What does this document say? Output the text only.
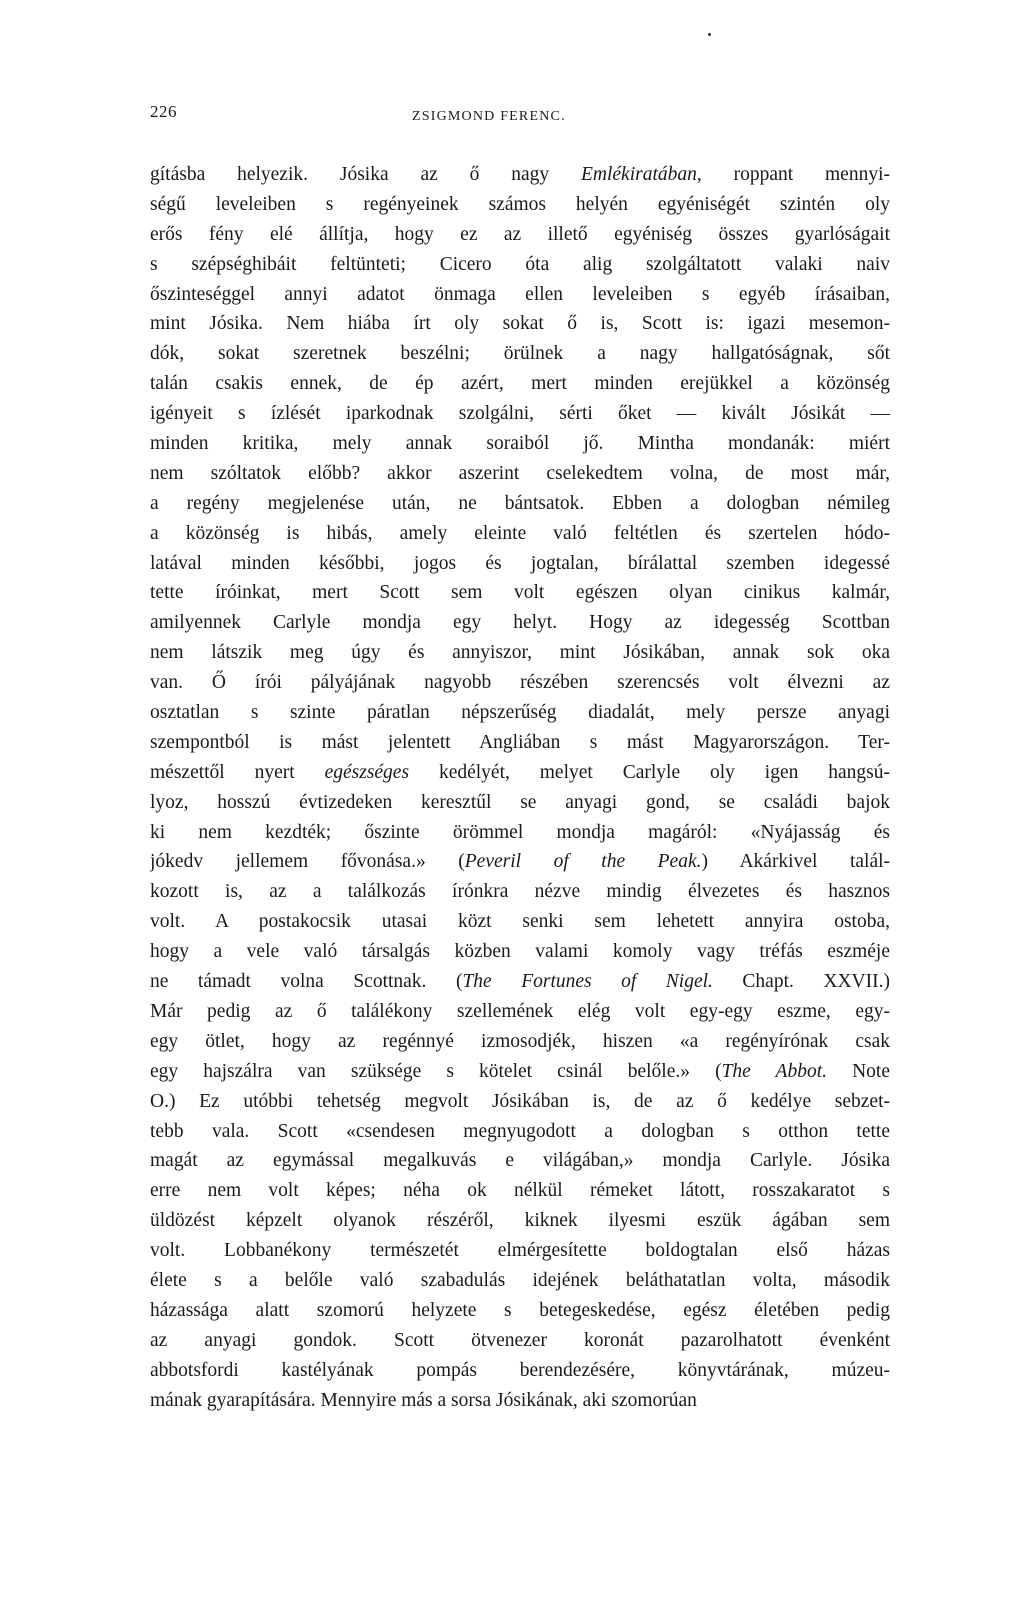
226	ZSIGMOND FERENC.
gításba helyezik. Jósika az ő nagy Emlékiratában, roppant mennyi-
ségű leveleiben s regényeinek számos helyén egyéniségét szintén oly
erős fény elé állítja, hogy ez az illető egyéniség összes gyarlóságait
s szépséghibáit feltünteti; Cicero óta alig szolgáltatott valaki naiv
őszinteséggel annyi adatot önmaga ellen leveleiben s egyéb írásaiban,
mint Jósika. Nem hiába írt oly sokat ő is, Scott is: igazi mesemon-
dók, sokat szeretnek beszélni; örülnek a nagy hallgatóságnak, sőt
talán csakis ennek, de ép azért, mert minden erejükkel a közönség
igényeit s ízlését iparkodnak szolgálni, sérti őket — kivált Jósikát —
minden kritika, mely annak soraiból jő. Mintha mondanák: miért
nem szóltatok előbb? akkor aszerint cselekedtem volna, de most már,
a regény megjelenése után, ne bántsatok. Ebben a dologban némileg
a közönség is hibás, amely eleinte való feltétlen és szertelen hódo-
latával minden későbbi, jogos és jogtalan, bírálattal szemben idegessé
tette íróinkat, mert Scott sem volt egészen olyan cinikus kalmár,
amilyennek Carlyle mondja egy helyt. Hogy az idegesség Scottban
nem látszik meg úgy és annyiszor, mint Jósikában, annak sok oka
van. Ő írói pályájának nagyobb részében szerencsés volt élvezni az
osztatlan s szinte páratlan népszerűség diadalát, mely persze anyagi
szempontból is mást jelentett Angliában s mást Magyarországon. Ter-
mészettől nyert egészséges kedélyét, melyet Carlyle oly igen hangsú-
lyoz, hosszú évtizedeken keresztűl se anyagi gond, se családi bajok
ki nem kezdték; őszinte örömmel mondja magáról: «Nyájasság és
jókedv jellemem fővonása.» (Peveril of the Peak.) Akárkivel talál-
kozott is, az a találkozás írónkra nézve mindig élvezetes és hasznos
volt. A postakocsik utasai közt senki sem lehetett annyira ostoba,
hogy a vele való társalgás közben valami komoly vagy tréfás eszméje
ne támadt volna Scottnak. (The Fortunes of Nigel. Chapt. XXVII.)
Már pedig az ő találékony szellemének elég volt egy-egy eszme, egy-
egy ötlet, hogy az regénnyé izmosodjék, hiszen «a regényírónak csak
egy hajszálra van szüksége s kötelet csinál belőle.» (The Abbot. Note
O.) Ez utóbbi tehetség megvolt Jósikában is, de az ő kedélye sebzet-
tebb vala. Scott «csendesen megnyugodott a dologban s otthon tette
magát az egymással megalkuvás e világában,» mondja Carlyle. Jósika
erre nem volt képes; néha ok nélkül rémeket látott, rosszakaratot s
üldözést képzelt olyanok részéről, kiknek ilyesmi eszük ágában sem
volt. Lobbanékony természetét elmérgesítette boldogtalan első házas
élete s a belőle való szabadulás idejének beláthatatlan volta, második
házassága alatt szomorú helyzete s betegeskedése, egész életében pedig
az anyagi gondok. Scott ötvenezer koronát pazarolhatott évenként
abbotsfordi kastélyának pompás berendezésére, könyvtárának, múzeu-
mának gyarapítására. Mennyire más a sorsa Jósikának, aki szomorúan
